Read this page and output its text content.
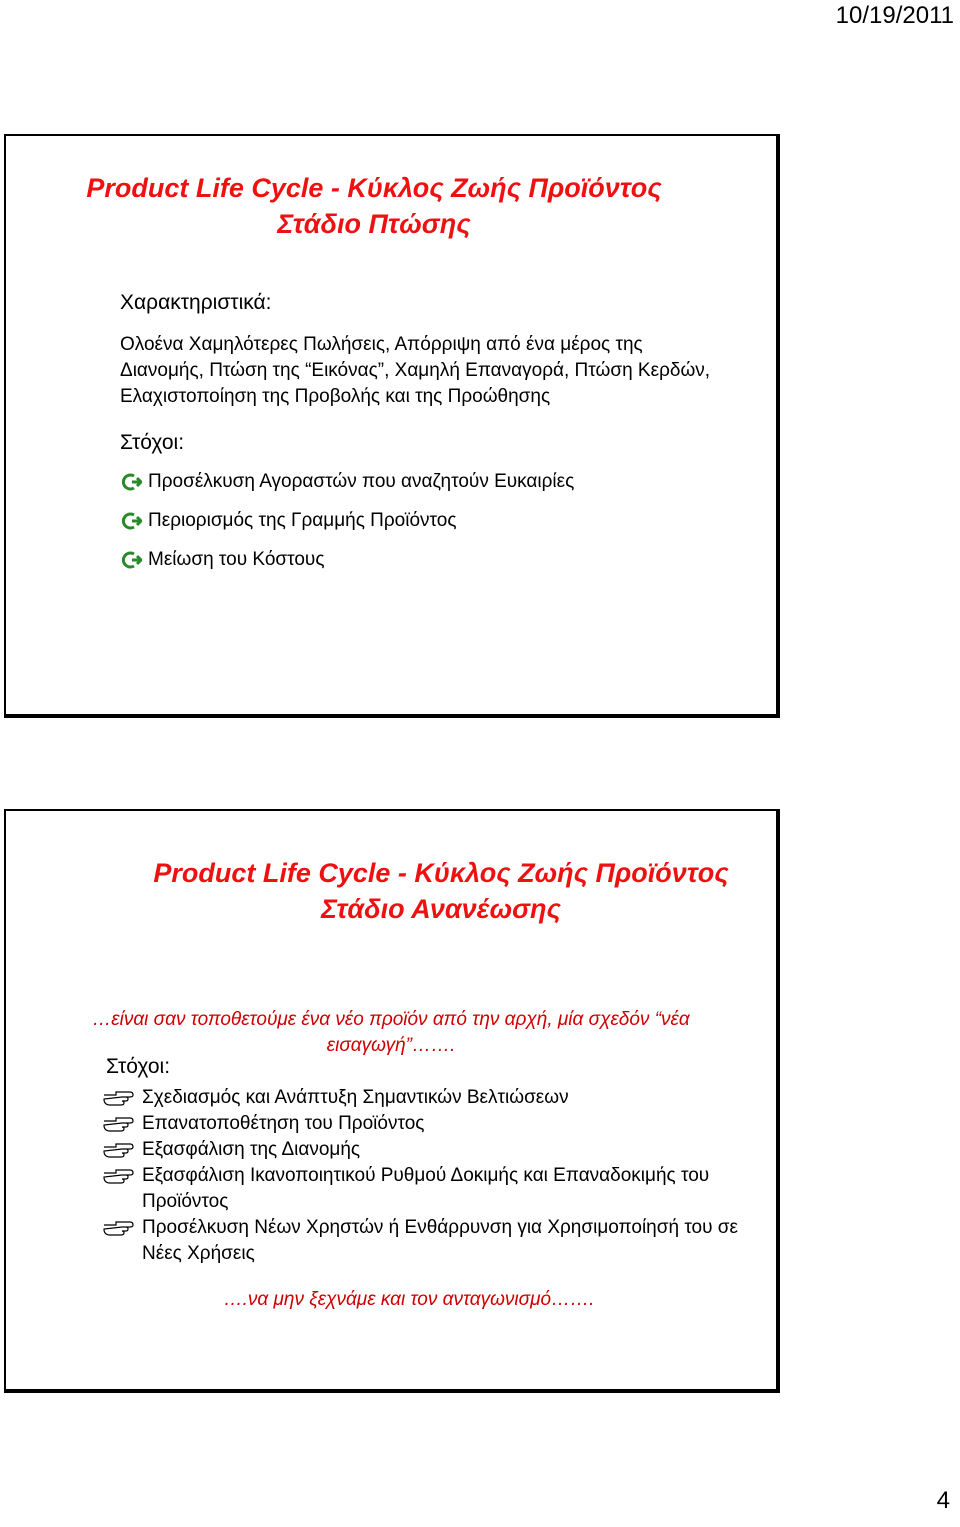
10/19/2011
Product Life Cycle - Κύκλος Ζωής Προϊόντος
Στάδιο Πτώσης
Χαρακτηριστικά:
Ολοένα Χαμηλότερες Πωλήσεις, Απόρριψη από ένα μέρος της
Διανομής, Πτώση της “Εικόνας”, Χαμηλή Επαναγορά, Πτώση Κερδών,
Ελαχιστοποίηση της Προβολής και της Προώθησης
Στόχοι:
Προσέλκυση Αγοραστών που αναζητούν Ευκαιρίες
Περιορισμός της Γραμμής Προϊόντος
Μείωση του Κόστους
Product Life Cycle - Κύκλος Ζωής Προϊόντος
Στάδιο Ανανέωσης
…είναι σαν τοποθετούμε ένα νέο προϊόν από την αρχή, μία σχεδόν “νέα
εισαγωγή”…….
Στόχοι:
Σχεδιασμός και Ανάπτυξη Σημαντικών Βελτιώσεων
Επανατοποθέτηση του Προϊόντος
Εξασφάλιση της Διανομής
Εξασφάλιση Ικανοποιητικού Ρυθμού Δοκιμής και Επαναδοκιμής του Προϊόντος
Προσέλκυση Νέων Χρηστών ή Ενθάρρυνση για Χρησιμοποίησή του σε Νέες Χρήσεις
….να μην ξεχνάμε και τον ανταγωνισμό…….
4
